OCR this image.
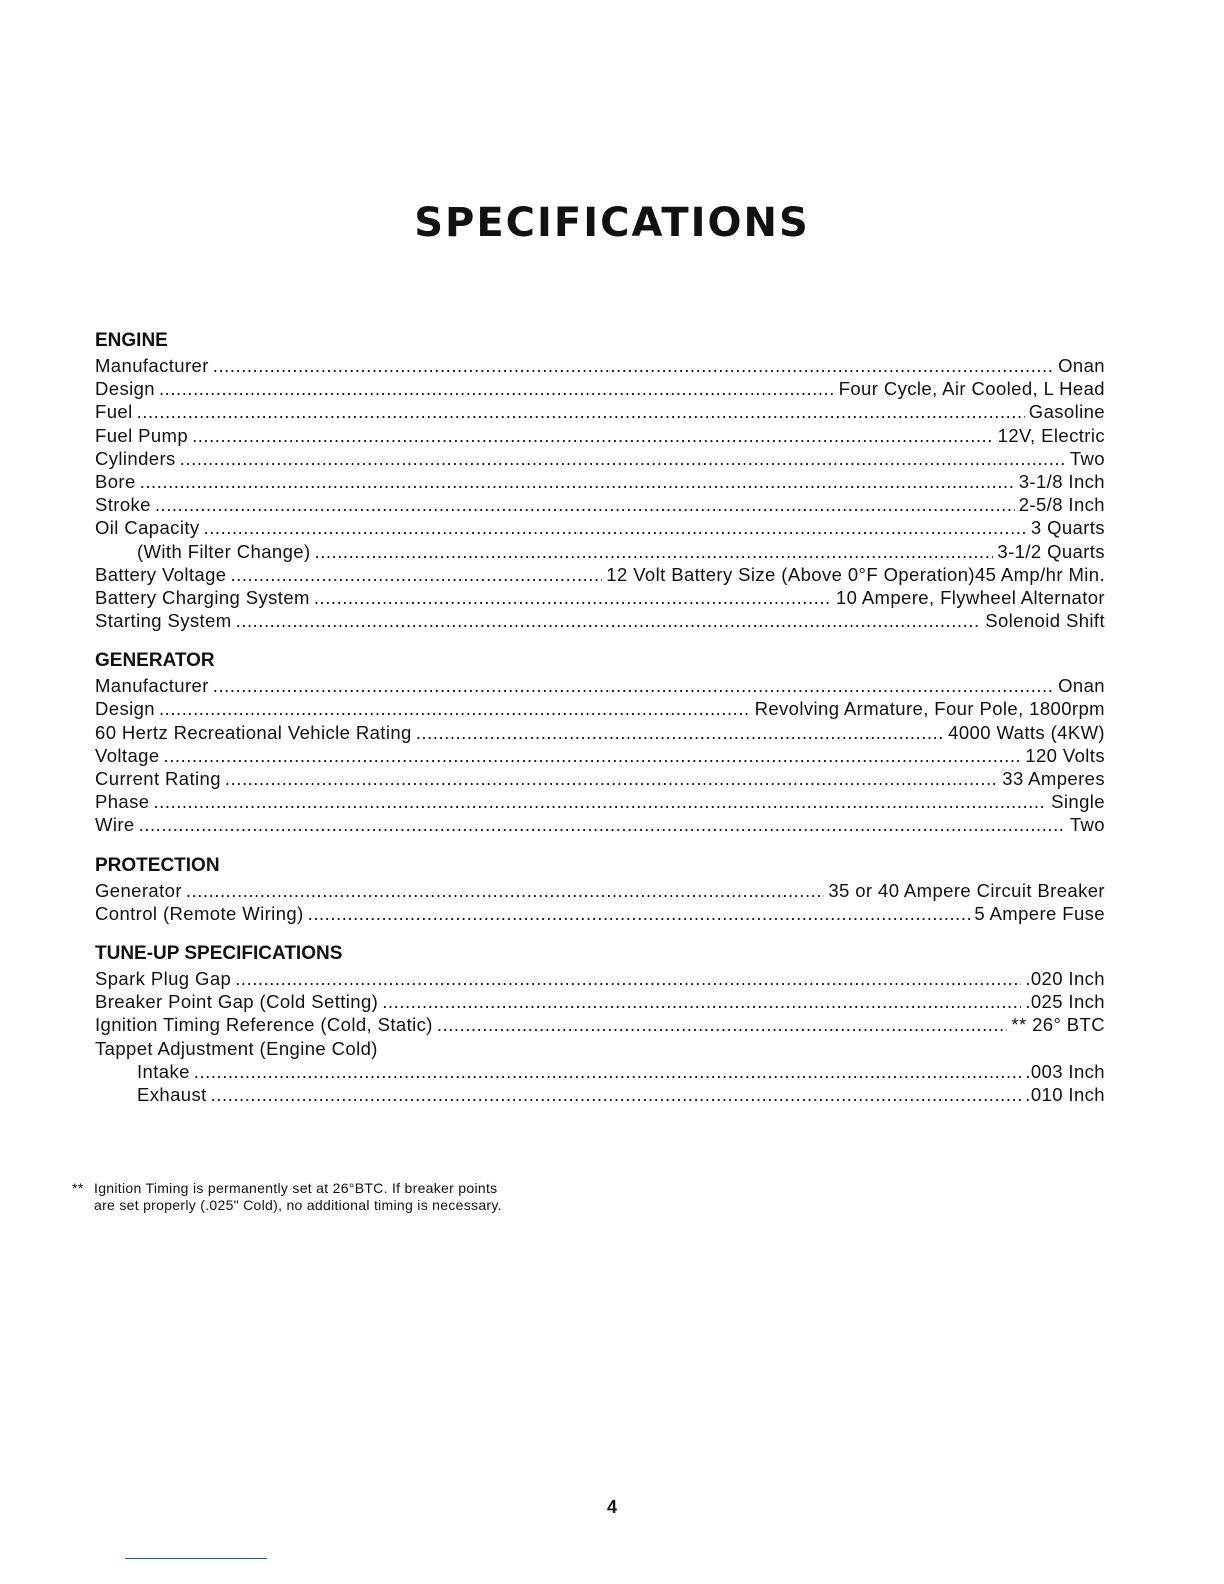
SPECIFICATIONS
ENGINE
Manufacturer . . .	Onan
Design . . .	Four Cycle, Air Cooled, L Head
Fuel . . .	Gasoline
Fuel Pump . . .	12V, Electric
Cylinders . . .	Two
Bore . . .	3-1/8 Inch
Stroke . . .	2-5/8 Inch
Oil Capacity . . .	3 Quarts
(With Filter Change) . . .	3-1/2 Quarts
Battery Voltage . . .	12 Volt Battery Size (Above 0°F Operation)45 Amp/hr Min.
Battery Charging System . . .	10 Ampere, Flywheel Alternator
Starting System . . .	Solenoid Shift
GENERATOR
Manufacturer . . .	Onan
Design . . .	Revolving Armature, Four Pole, 1800rpm
60 Hertz Recreational Vehicle Rating . . .	4000 Watts (4KW)
Voltage . . .	120 Volts
Current Rating . . .	33 Amperes
Phase . . .	Single
Wire . . .	Two
PROTECTION
Generator . . .	35 or 40 Ampere Circuit Breaker
Control (Remote Wiring) . . .	5 Ampere Fuse
TUNE-UP SPECIFICATIONS
Spark Plug Gap . . .	.020 Inch
Breaker Point Gap (Cold Setting) . . .	.025 Inch
Ignition Timing Reference (Cold, Static) . . .	** 26° BTC
Tappet Adjustment (Engine Cold)
Intake . . .	.003 Inch
Exhaust . . .	.010 Inch
** Ignition Timing is permanently set at 26°BTC. If breaker points
are set properly (.025" Cold), no additional timing is necessary.
4
